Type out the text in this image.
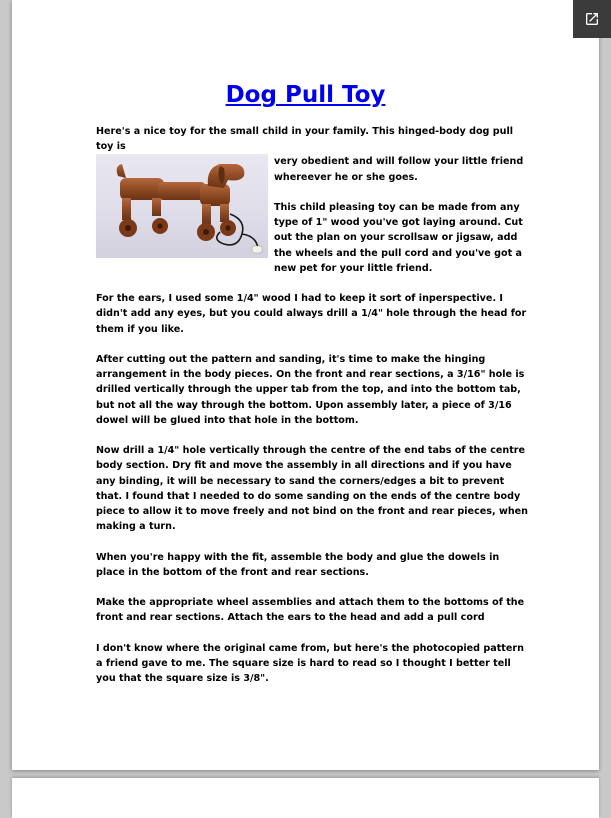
Dog Pull Toy
Here's a nice toy for the small child in your family. This hinged-body dog pull toy is
very obedient and will follow your little friend whereever he or she goes.

This child pleasing toy can be made from any type of 1" wood you've got laying around. Cut out the plan on your scrollsaw or jigsaw, add the wheels and the pull cord and you've got a new pet for your little friend.

For the ears, I used some 1/4" wood I had to keep it sort of inperspective. I didn't add any eyes, but you could always drill a 1/4" hole through the head for them if you like.

After cutting out the pattern and sanding, it's time to make the hinging arrangement in the body pieces. On the front and rear sections, a 3/16" hole is drilled vertically through the upper tab from the top, and into the bottom tab, but not all the way through the bottom. Upon assembly later, a piece of 3/16 dowel will be glued into that hole in the bottom.

Now drill a 1/4" hole vertically through the centre of the end tabs of the centre body section. Dry fit and move the assembly in all directions and if you have any binding, it will be necessary to sand the corners/edges a bit to prevent that. I found that I needed to do some sanding on the ends of the centre body piece to allow it to move freely and not bind on the front and rear pieces, when making a turn.

When you're happy with the fit, assemble the body and glue the dowels in place in the bottom of the front and rear sections.

Make the appropriate wheel assemblies and attach them to the bottoms of the front and rear sections. Attach the ears to the head and add a pull cord

I don't know where the original came from, but here's the photocopied pattern a friend gave to me. The square size is hard to read so I thought I better tell you that the square size is 3/8".
